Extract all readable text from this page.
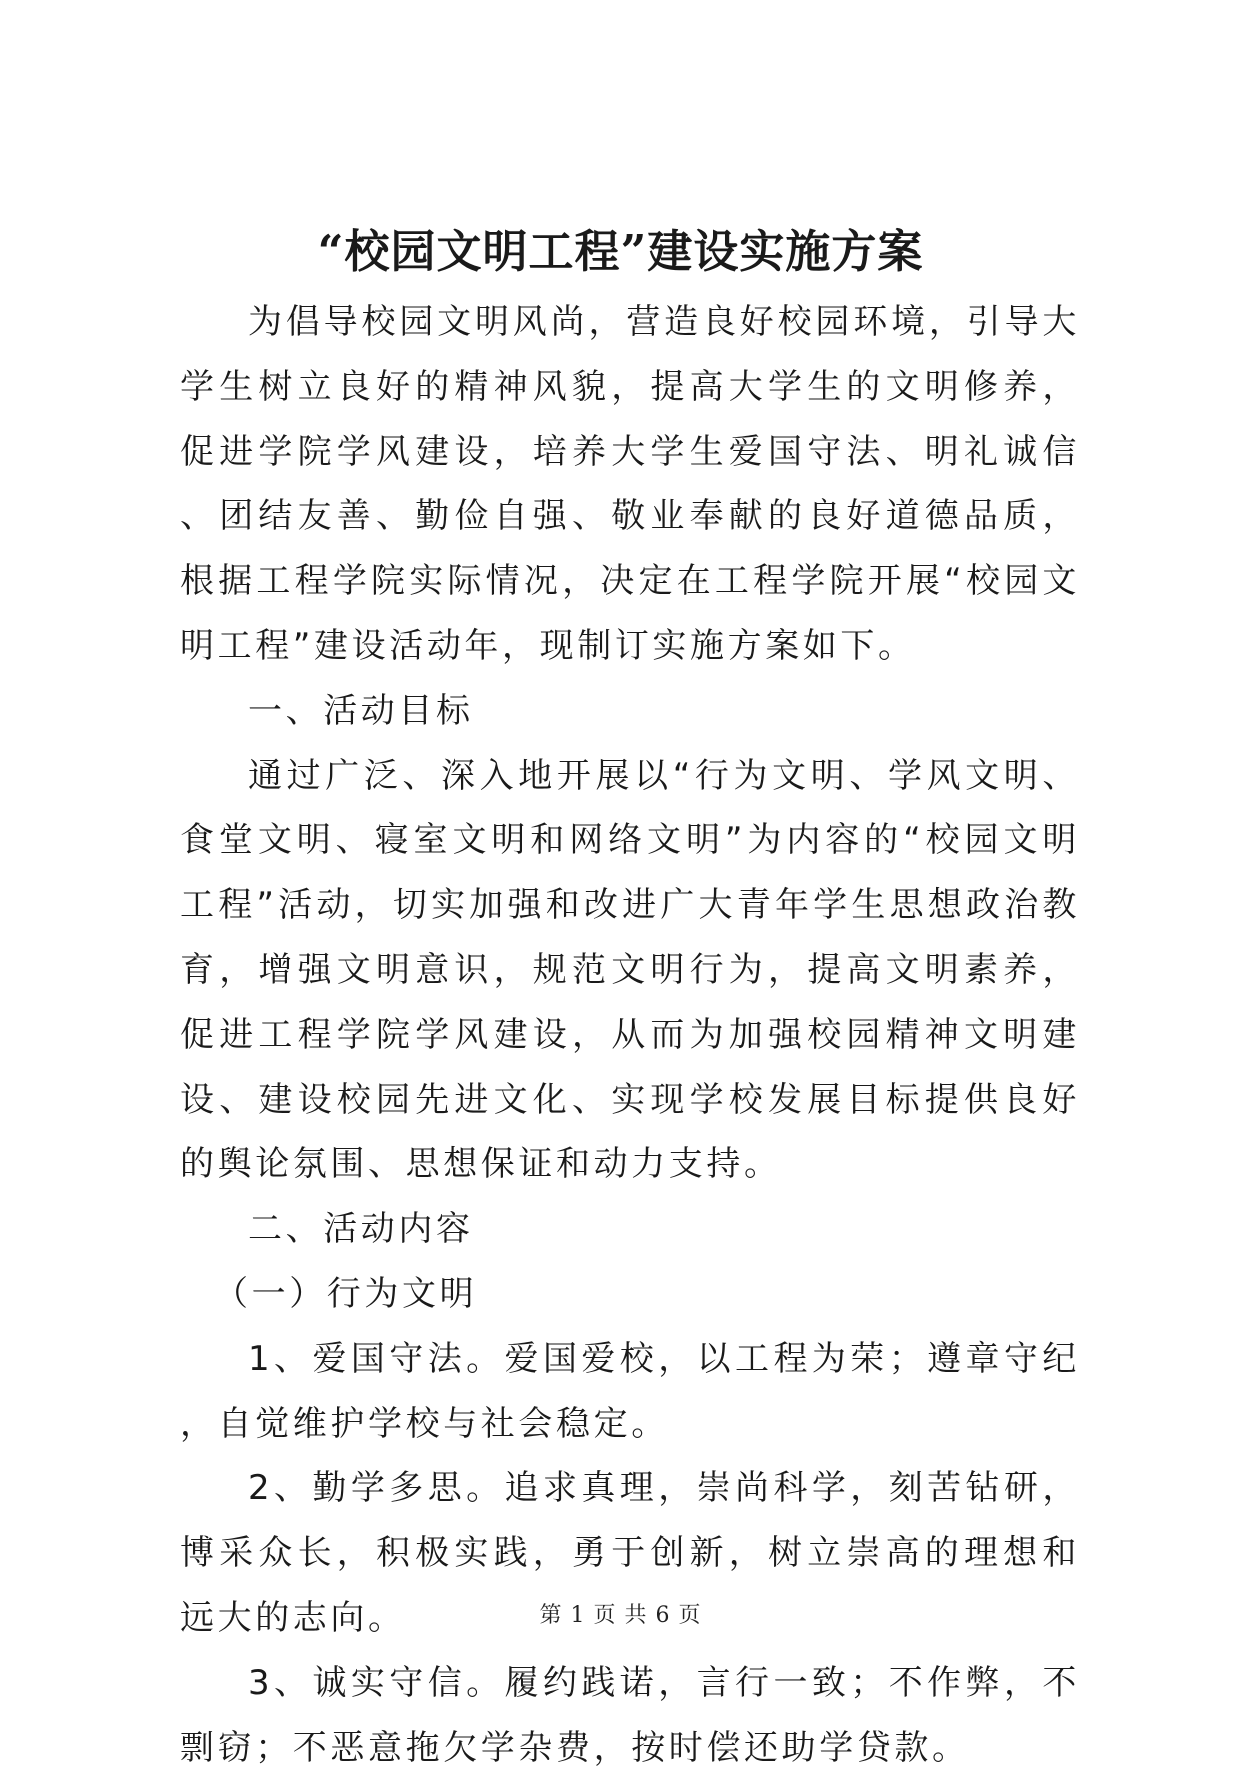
“校园文明工程”建设实施方案

为倡导校园文明风尚，营造良好校园环境，引导大学生树立良好的精神风貌，提高大学生的文明修养，促进学院学风建设，培养大学生爱国守法、明礼诚信、团结友善、勤俭自强、敬业奉献的良好道德品质，根据工程学院实际情况，决定在工程学院开展“校园文明工程”建设活动年，现制订实施方案如下。

一、活动目标

通过广泛、深入地开展以“行为文明、学风文明、食堂文明、寝室文明和网络文明”为内容的“校园文明工程”活动，切实加强和改进广大青年学生思想政治教育，增强文明意识，规范文明行为，提高文明素养，促进工程学院学风建设，从而为加强校园精神文明建设、建设校园先进文化、实现学校发展目标提供良好的舆论氛围、思想保证和动力支持。

二、活动内容

（一）行为文明

1、爱国守法。爱国爱校，以工程为荣；遵章守纪，自觉维护学校与社会稳定。

2、勤学多思。追求真理，崇尚科学，刻苦钻研，博采众长，积极实践，勇于创新，树立崇高的理想和远大的志向。

3、诚实守信。履约践诺，言行一致；不作弊，不剽窃；不恶意拖欠学杂费，按时偿还助学贷款。

第 1 页 共 6 页
